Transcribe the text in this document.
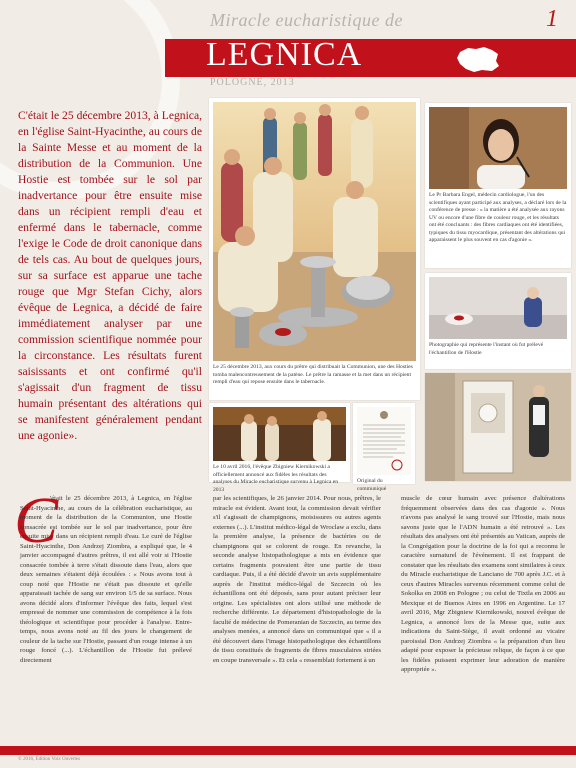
Miracle eucharistique de	1
LEGNICA
POLOGNE, 2013

C'était le 25 décembre 2013, à Legnica, en l'église Saint-Hyacinthe, au cours de la Sainte Messe et au moment de la distribution de la Communion. Une Hostie est tombée sur le sol par inadvertance pour être ensuite mise dans un récipient rempli d'eau et enfermé dans le tabernacle, comme l'exige le Code de droit canonique dans de tels cas. Au bout de quelques jours, sur sa surface est apparue une tache rouge que Mgr Stefan Cichy, alors évêque de Legnica, a décidé de faire immédiatement analyser par une commission scientifique nommée pour la circonstance. Les résultats furent saisissants et ont confirmé qu'il s'agissait d'un fragment de tissu humain présentant des altérations qui se manifestent généralement pendant une agonie».

Le 25 décembre 2013, aux cours du prêtre qui distribuait la Communion, une des Hosties tomba malencontreusement de la patène. Le prêtre la ramasse et la met dans un récipient rempli d'eau qui repose ensuite dans le tabernacle.
Le Pr Barbara Engel, médecin cardiologue, l'un des scientifiques ayant participé aux analyses, a déclaré lors de la conférence de presse : « la matière a été analysée aux rayons UV ou encore d'une fibre de couleur rouge, et les résultats ont été concluants : des fibres cardiaques ont été identifiées, typiques du tissu myocardique, présentant des altérations qui apparaissent le plus souvent en cas d'agonie ».
Photographie qui représente l'instant où fut prélevé l'échantillon de l'Hostie
Le 10 avril 2016, l'évêque Zbigniew Kiernikowski a officiellement annoncé aux fidèles les résultats des analyses du Miracle eucharistique survenu à Legnica en 2013
Original du communiqué
C

'était le 25 décembre 2013, à Legnica, en l'église Saint-Hyacinthe, au cours de la célébration eucharistique, au moment de la distribution de la Communion, une Hostie consacrée est tombée sur le sol par inadvertance, pour être ensuite mise dans un récipient rempli d'eau. Le curé de l'église Saint-Hyacinthe, Don Andrzej Ziombra, a expliqué que, le 4 janvier accompagné d'autres prêtres, il est allé voir si l'Hostie consacrée tombée à terre s'était dissoute dans l'eau, alors que deux semaines s'étaient déjà écoulées : « Nous avons tout à coup noté que l'Hostie ne s'était pas dissoute et qu'elle apparaissait tachée de sang sur environ 1/5 de sa surface. Nous avons décidé alors d'informer l'évêque des faits, lequel s'est empressé de nommer une commission de compétence à la fois théologique et scientifique pour procéder à l'analyse. Entre-temps, nous avons noté au fil des jours le changement de couleur de la tache sur l'Hostie, passant d'un rouge intense à un rouge foncé (...). L'échantillon de l'Hostie fut prélevé directement

par les scientifiques, le 26 janvier 2014. Pour nous, prêtres, le miracle est évident. Avant tout, la commission devait vérifier s'il s'agissait de champignons, moisissures ou autres agents externes (...). L'institut médico-légal de Wroclaw a exclu, dans la première analyse, la présence de bactéries ou de champignons qui se colorent de rouge. En revanche, la seconde analyse histopathologique a mis en évidence que certains fragments pouvaient être une partie de tissu cardiaque. Puis, il a été décidé d'avoir un avis supplémentaire auprès de l'institut médico-légal de Szczecin où les échantillons ont été déposés, sans pour autant préciser leur origine. Les spécialistes ont alors utilisé une méthode de recherche différente. Le département d'histopathologie de la faculté de médecine de Pomeranian de Szczecin, au terme des analyses menées, a annoncé dans un communiqué que « il a été découvert dans l'image histopathologique des échantillons de tissu constitués de fragments de fibres musculaires striées en coupe transversale ». Et cela « ressemblait fortement à un

muscle de cœur humain avec présence d'altérations fréquemment observées dans des cas d'agonie ». Nous n'avons pas analysé le sang trouvé sur l'Hostie, mais nous savons juste que le l'ADN humain a été retrouvé ». Les résultats des analyses ont été présentés au Vatican, auprès de la Congrégation pour la doctrine de la foi qui a reconnu le caractère surnaturel de l'événement. Il est frappant de constater que les résultats des examens sont similaires à ceux du Miracle eucharistique de Lanciano de 700 après J.C. et à ceux d'autres Miracles survenus récemment comme celui de Sokolka en 2008 en Pologne ; ou celui de Tixtla en 2006 au Mexique et de Buenos Aires en 1996 en Argentine. Le 17 avril 2016, Mgr Zbigniew Kiernikowski, nouvel évêque de Legnica, a annoncé lors de la Messe que, suite aux indications du Saint-Siège, il avait ordonné au vicaire paroissial Don Andrzej Ziombra « la préparation d'un lieu adapté pour exposer la précieuse relique, de façon à ce que les fidèles puissent exprimer leur adoration de manière appropriée ».

© 2016, Édition Voix Ouvertes
